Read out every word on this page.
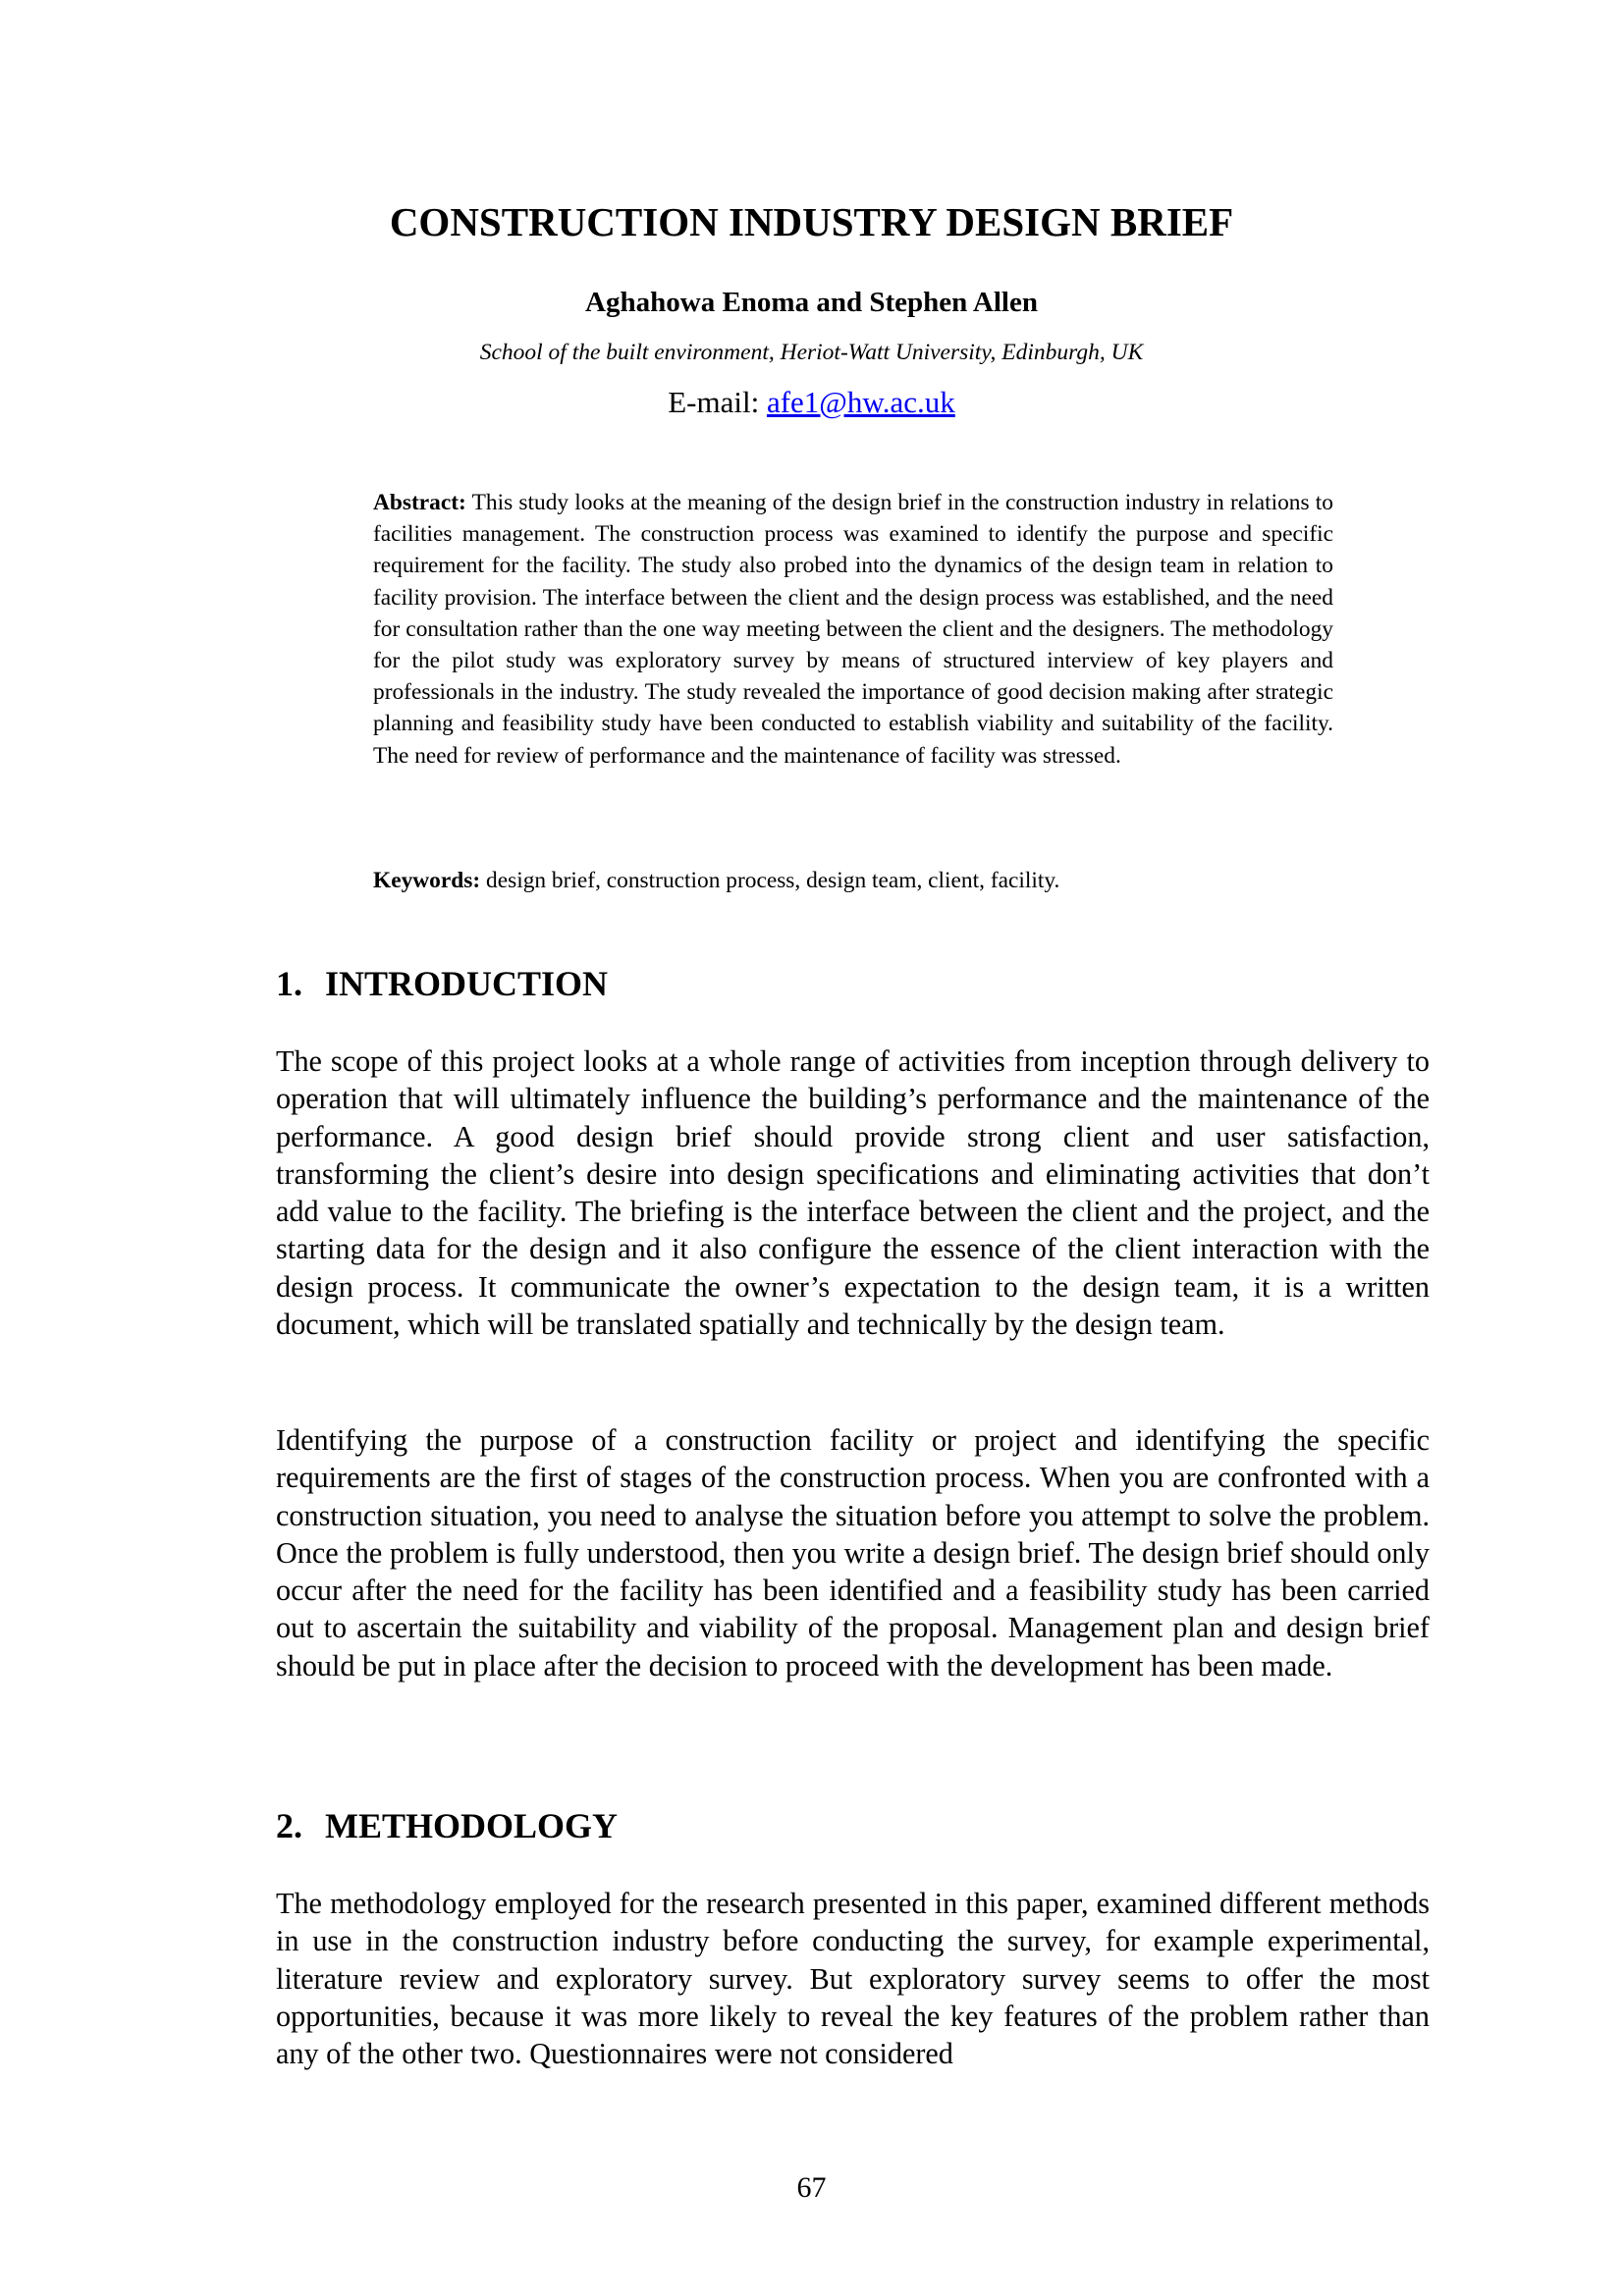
CONSTRUCTION INDUSTRY DESIGN BRIEF
Aghahowa Enoma and Stephen Allen
School of the built environment, Heriot-Watt University, Edinburgh, UK
E-mail: afe1@hw.ac.uk

Abstract: This study looks at the meaning of the design brief in the construction industry in relations to facilities management. The construction process was examined to identify the purpose and specific requirement for the facility. The study also probed into the dynamics of the design team in relation to facility provision. The interface between the client and the design process was established, and the need for consultation rather than the one way meeting between the client and the designers. The methodology for the pilot study was exploratory survey by means of structured interview of key players and professionals in the industry. The study revealed the importance of good decision making after strategic planning and feasibility study have been conducted to establish viability and suitability of the facility. The need for review of performance and the maintenance of facility was stressed.

Keywords: design brief, construction process, design team, client, facility.

1. INTRODUCTION

The scope of this project looks at a whole range of activities from inception through delivery to operation that will ultimately influence the building’s performance and the maintenance of the performance. A good design brief should provide strong client and user satisfaction, transforming the client’s desire into design specifications and eliminating activities that don’t add value to the facility. The briefing is the interface between the client and the project, and the starting data for the design and it also configure the essence of the client interaction with the design process. It communicate the owner’s expectation to the design team, it is a written document, which will be translated spatially and technically by the design team.

Identifying the purpose of a construction facility or project and identifying the specific requirements are the first of stages of the construction process. When you are confronted with a construction situation, you need to analyse the situation before you attempt to solve the problem. Once the problem is fully understood, then you write a design brief. The design brief should only occur after the need for the facility has been identified and a feasibility study has been carried out to ascertain the suitability and viability of the proposal. Management plan and design brief should be put in place after the decision to proceed with the development has been made.

2. METHODOLOGY

The methodology employed for the research presented in this paper, examined different methods in use in the construction industry before conducting the survey, for example experimental, literature review and exploratory survey. But exploratory survey seems to offer the most opportunities, because it was more likely to reveal the key features of the problem rather than any of the other two. Questionnaires were not considered

67
